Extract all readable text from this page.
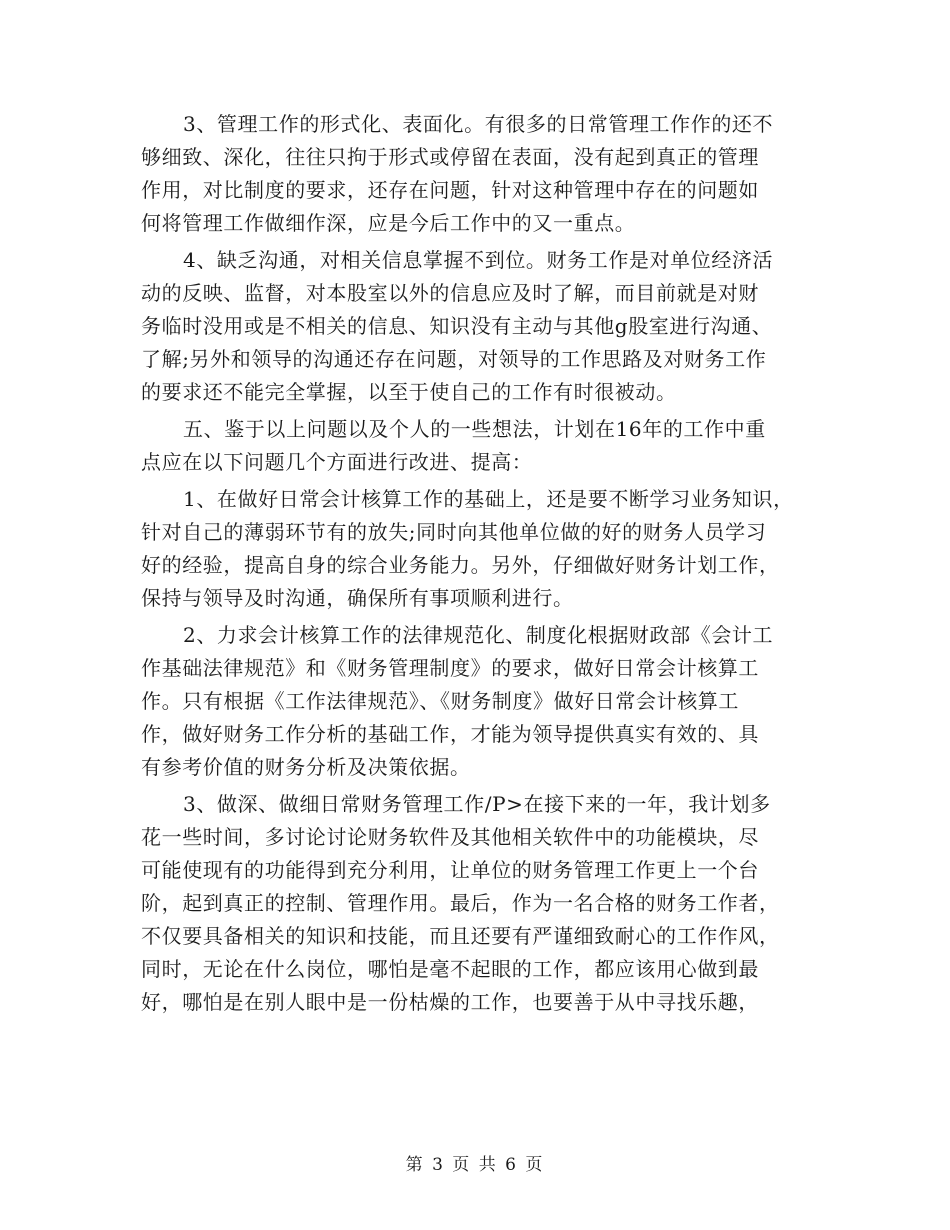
3、管理工作的形式化、表面化。有很多的日常管理工作作的还不
够细致、深化，往往只拘于形式或停留在表面，没有起到真正的管理
作用，对比制度的要求，还存在问题，针对这种管理中存在的问题如
何将管理工作做细作深，应是今后工作中的又一重点。
4、缺乏沟通，对相关信息掌握不到位。财务工作是对单位经济活
动的反映、监督，对本股室以外的信息应及时了解，而目前就是对财
务临时没用或是不相关的信息、知识没有主动与其他g股室进行沟通、
了解;另外和领导的沟通还存在问题，对领导的工作思路及对财务工作
的要求还不能完全掌握，以至于使自己的工作有时很被动。
五、鉴于以上问题以及个人的一些想法，计划在16年的工作中重
点应在以下问题几个方面进行改进、提高：
1、在做好日常会计核算工作的基础上，还是要不断学习业务知识，
针对自己的薄弱环节有的放失;同时向其他单位做的好的财务人员学习
好的经验，提高自身的综合业务能力。另外，仔细做好财务计划工作，
保持与领导及时沟通，确保所有事项顺利进行。
2、力求会计核算工作的法律规范化、制度化根据财政部《会计工
作基础法律规范》和《财务管理制度》的要求，做好日常会计核算工
作。只有根据《工作法律规范》、《财务制度》做好日常会计核算工
作，做好财务工作分析的基础工作，才能为领导提供真实有效的、具
有参考价值的财务分析及决策依据。
3、做深、做细日常财务管理工作/P>在接下来的一年，我计划多
花一些时间，多讨论讨论财务软件及其他相关软件中的功能模块，尽
可能使现有的功能得到充分利用，让单位的财务管理工作更上一个台
阶，起到真正的控制、管理作用。最后，作为一名合格的财务工作者，
不仅要具备相关的知识和技能，而且还要有严谨细致耐心的工作作风，
同时，无论在什么岗位，哪怕是毫不起眼的工作，都应该用心做到最
好，哪怕是在别人眼中是一份枯燥的工作，也要善于从中寻找乐趣，
第 3 页 共 6 页
